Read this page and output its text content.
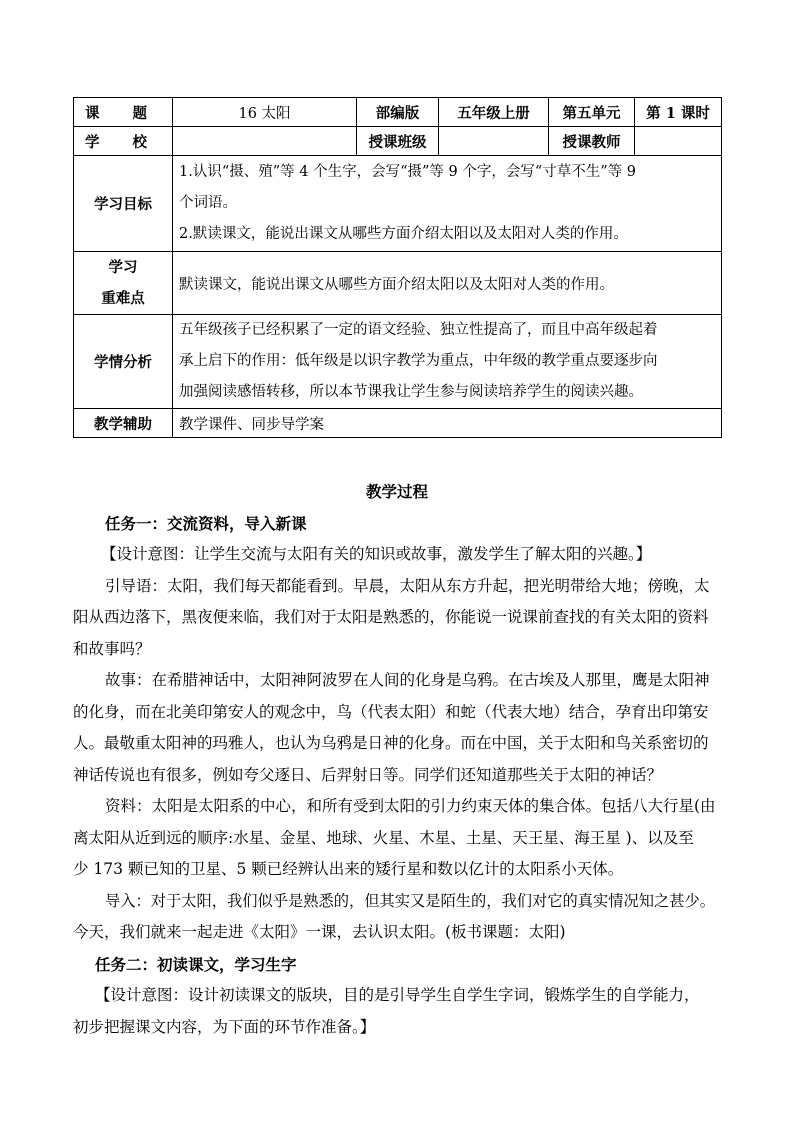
课 题	16 太阳	部编版	五年级上册	第五单元	第 1 课时
学 校		授课班级		授课教师	
学习目标	1.认识“摄、殖”等 4 个生字，会写“摄”等 9 个字，会写“寸草不生”等 9
个词语。
2.默读课文，能说出课文从哪些方面介绍太阳以及太阳对人类的作用。				

学习
重难点	默读课文，能说出课文从哪些方面介绍太阳以及太阳对人类的作用。				
学情分析	五年级孩子已经积累了一定的语文经验、独立性提高了，而且中高年级起着
承上启下的作用：低年级是以识字教学为重点，中年级的教学重点要逐步向
加强阅读感悟转移，所以本节课我让学生参与阅读培养学生的阅读兴趣。				

教学辅助	教学课件、同步导学案				
教学过程
任务一：交流资料，导入新课
【设计意图：让学生交流与太阳有关的知识或故事，激发学生了解太阳的兴趣。】
引导语：太阳，我们每天都能看到。早晨，太阳从东方升起，把光明带给大地；傍晚，太
阳从西边落下，黑夜便来临，我们对于太阳是熟悉的，你能说一说课前查找的有关太阳的资料
和故事吗？
故事：在希腊神话中，太阳神阿波罗在人间的化身是乌鸦。在古埃及人那里，鹰是太阳神
的化身，而在北美印第安人的观念中，鸟（代表太阳）和蛇（代表大地）结合，孕育出印第安
人。最敬重太阳神的玛雅人，也认为乌鸦是日神的化身。而在中国，关于太阳和鸟关系密切的
神话传说也有很多，例如夸父逐日、后羿射日等。同学们还知道那些关于太阳的神话？
资料：太阳是太阳系的中心，和所有受到太阳的引力约束天体的集合体。包括八大行星(由
离太阳从近到远的顺序:水星、金星、地球、火星、木星、土星、天王星、海王星 )、以及至
少 173 颗已知的卫星、5 颗已经辨认出来的矮行星和数以亿计的太阳系小天体。
导入：对于太阳，我们似乎是熟悉的，但其实又是陌生的，我们对它的真实情况知之甚少。
今天，我们就来一起走进《太阳》一课，去认识太阳。(板书课题：太阳)
任务二：初读课文，学习生字
【设计意图：设计初读课文的版块，目的是引导学生自学生字词，锻炼学生的自学能力，
初步把握课文内容，为下面的环节作准备。】
